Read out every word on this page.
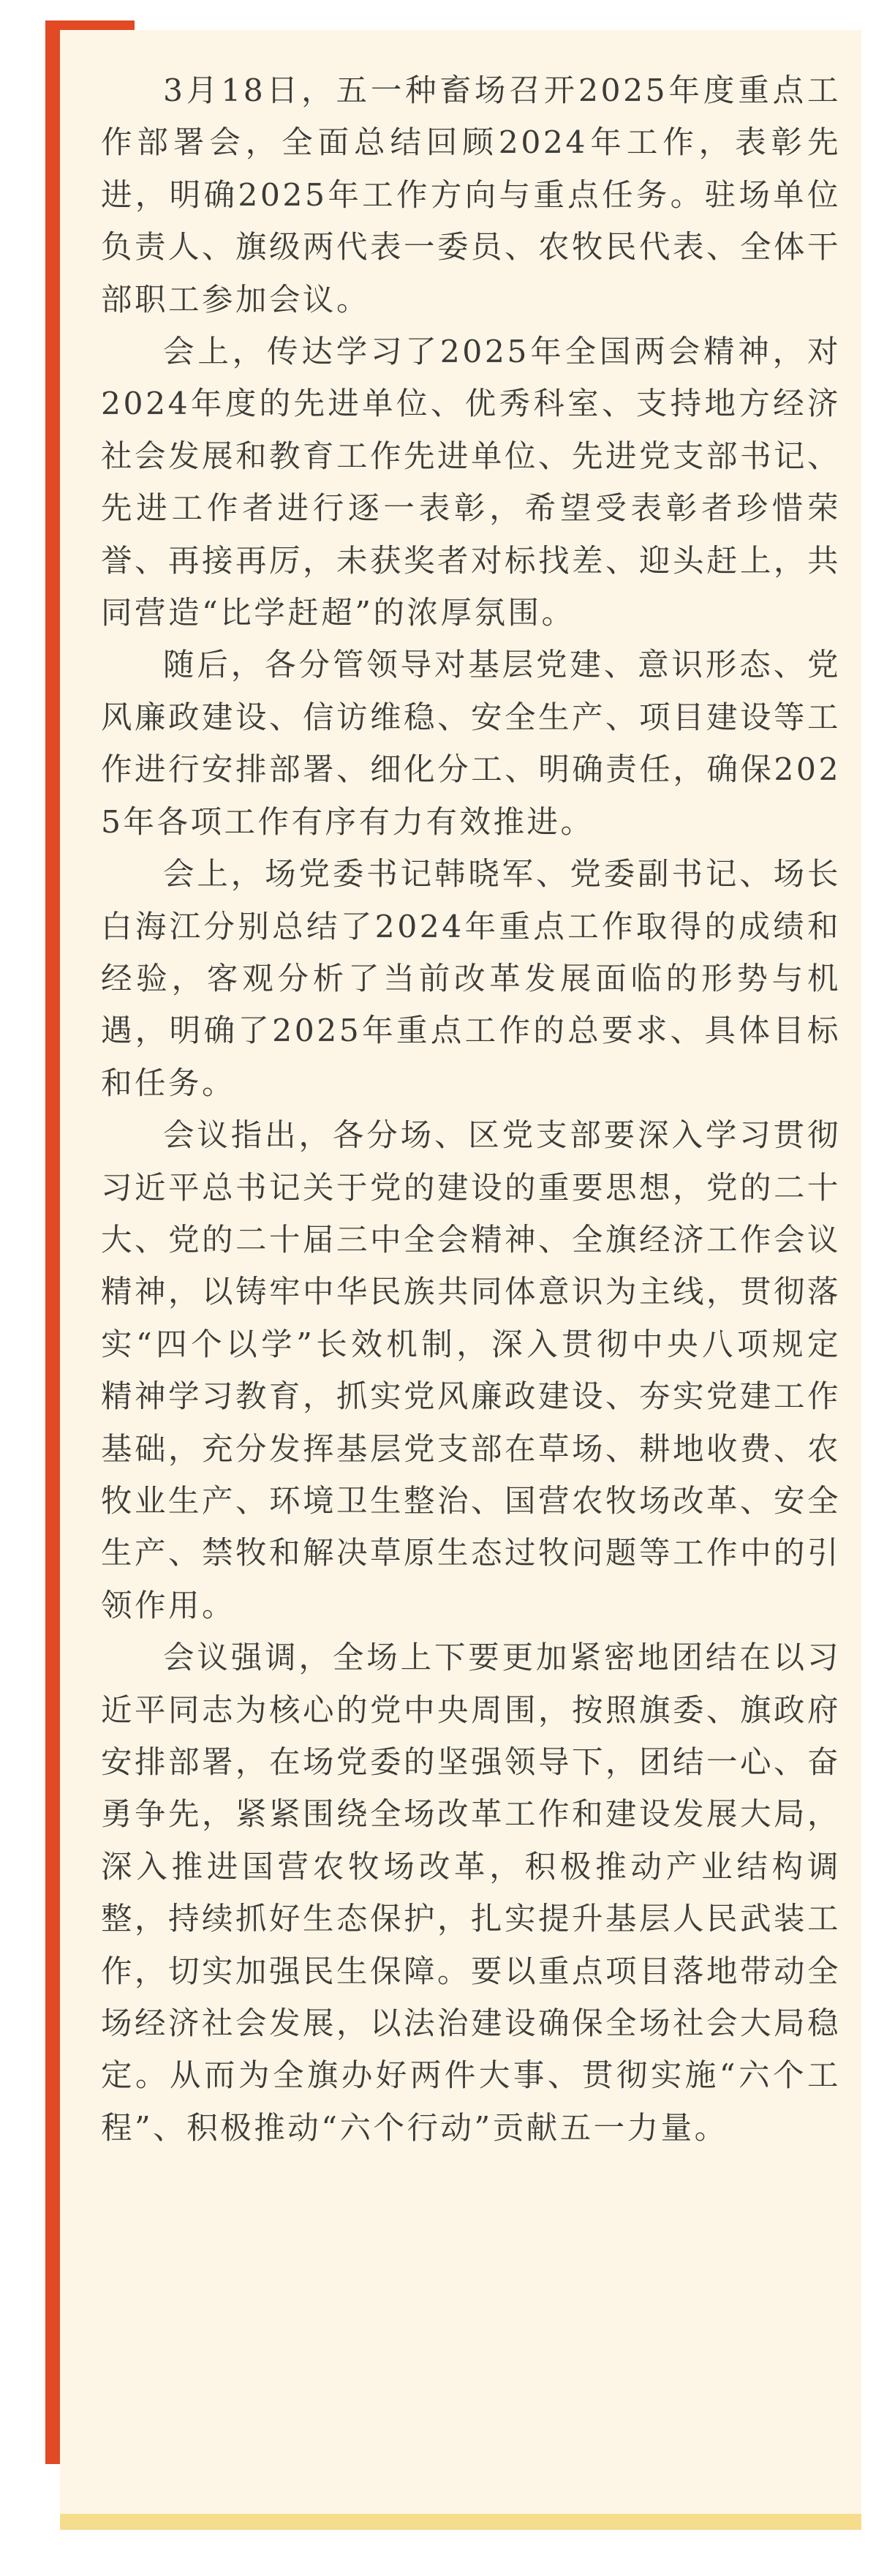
3月18日，五一种畜场召开2025年度重点工作部署会，全面总结回顾2024年工作，表彰先进，明确2025年工作方向与重点任务。驻场单位负责人、旗级两代表一委员、农牧民代表、全体干部职工参加会议。

会上，传达学习了2025年全国两会精神，对2024年度的先进单位、优秀科室、支持地方经济社会发展和教育工作先进单位、先进党支部书记、先进工作者进行逐一表彰，希望受表彰者珍惜荣誉、再接再厉，未获奖者对标找差、迎头赶上，共同营造“比学赶超”的浓厚氛围。

随后，各分管领导对基层党建、意识形态、党风廉政建设、信访维稳、安全生产、项目建设等工作进行安排部署、细化分工、明确责任，确保2025年各项工作有序有力有效推进。

会上，场党委书记韩晓军、党委副书记、场长白海江分别总结了2024年重点工作取得的成绩和经验，客观分析了当前改革发展面临的形势与机遇，明确了2025年重点工作的总要求、具体目标和任务。

会议指出，各分场、区党支部要深入学习贯彻习近平总书记关于党的建设的重要思想，党的二十大、党的二十届三中全会精神、全旗经济工作会议精神，以铸牢中华民族共同体意识为主线，贯彻落实“四个以学”长效机制，深入贯彻中央八项规定精神学习教育，抓实党风廉政建设、夯实党建工作基础，充分发挥基层党支部在草场、耕地收费、农牧业生产、环境卫生整治、国营农牧场改革、安全生产、禁牧和解决草原生态过牧问题等工作中的引领作用。

会议强调，全场上下要更加紧密地团结在以习近平同志为核心的党中央周围，按照旗委、旗政府安排部署，在场党委的坚强领导下，团结一心、奋勇争先，紧紧围绕全场改革工作和建设发展大局，深入推进国营农牧场改革，积极推动产业结构调整，持续抓好生态保护，扎实提升基层人民武装工作，切实加强民生保障。要以重点项目落地带动全场经济社会发展，以法治建设确保全场社会大局稳定。从而为全旗办好两件大事、贯彻实施“六个工程”、积极推动“六个行动”贡献五一力量。
